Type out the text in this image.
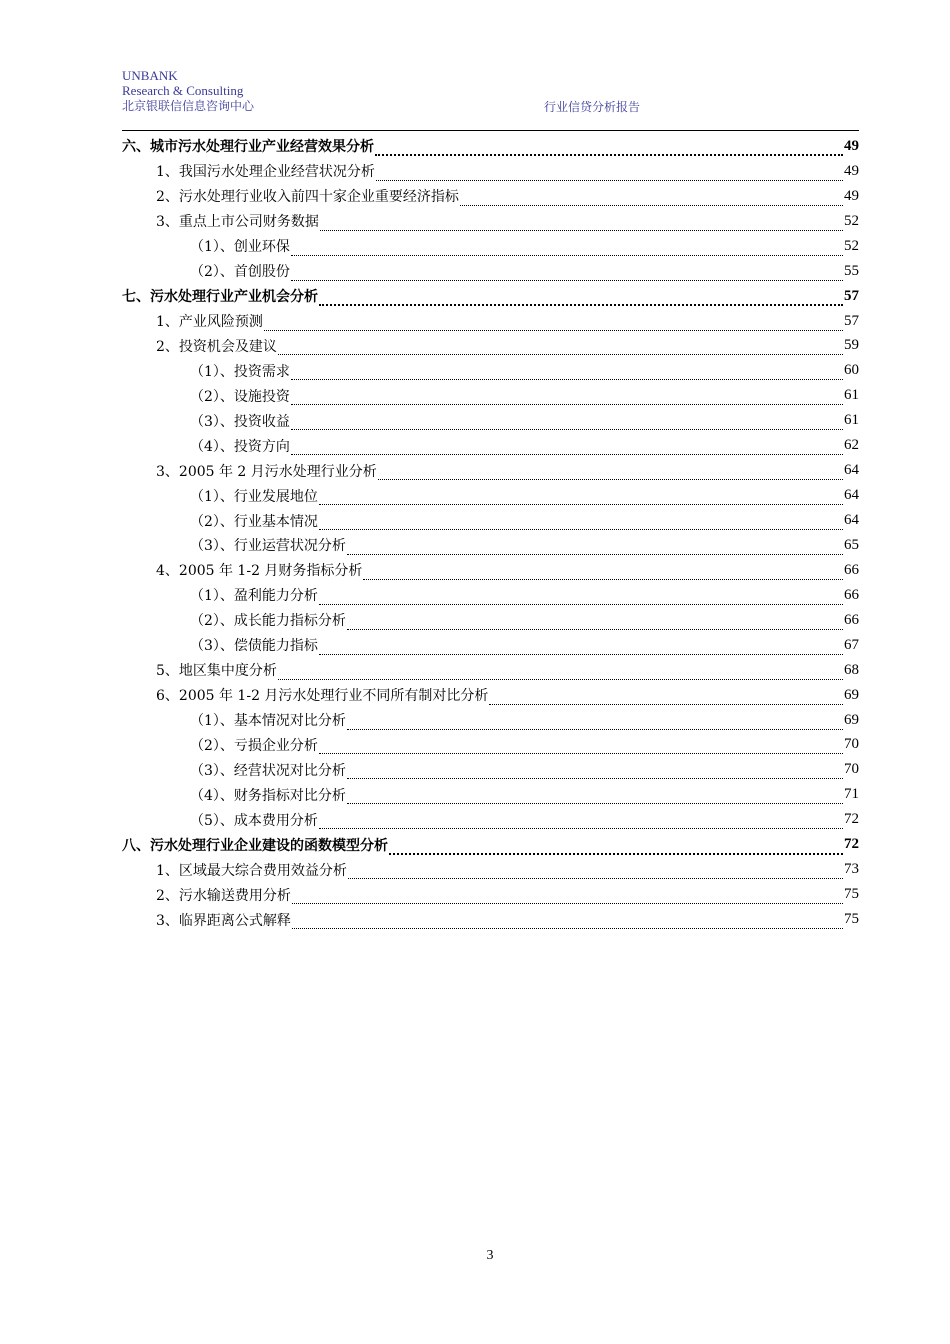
UNBANK
Research & Consulting
北京银联信信息咨询中心	行业信贷分析报告
六、城市污水处理行业产业经营效果分析	49
1、我国污水处理企业经营状况分析	49
2、污水处理行业收入前四十家企业重要经济指标	49
3、重点上市公司财务数据	52
（1）、创业环保	52
（2）、首创股份	55
七、污水处理行业产业机会分析	57
1、产业风险预测	57
2、投资机会及建议	59
（1）、投资需求	60
（2）、设施投资	61
（3）、投资收益	61
（4）、投资方向	62
3、2005 年 2 月污水处理行业分析	64
（1）、行业发展地位	64
（2）、行业基本情况	64
（3）、行业运营状况分析	65
4、2005 年 1-2 月财务指标分析	66
（1）、盈利能力分析	66
（2）、成长能力指标分析	66
（3）、偿债能力指标	67
5、地区集中度分析	68
6、2005 年 1-2 月污水处理行业不同所有制对比分析	69
（1）、基本情况对比分析	69
（2）、亏损企业分析	70
（3）、经营状况对比分析	70
（4）、财务指标对比分析	71
（5）、成本费用分析	72
八、污水处理行业企业建设的函数模型分析	72
1、区域最大综合费用效益分析	73
2、污水输送费用分析	75
3、临界距离公式解释	75
3
